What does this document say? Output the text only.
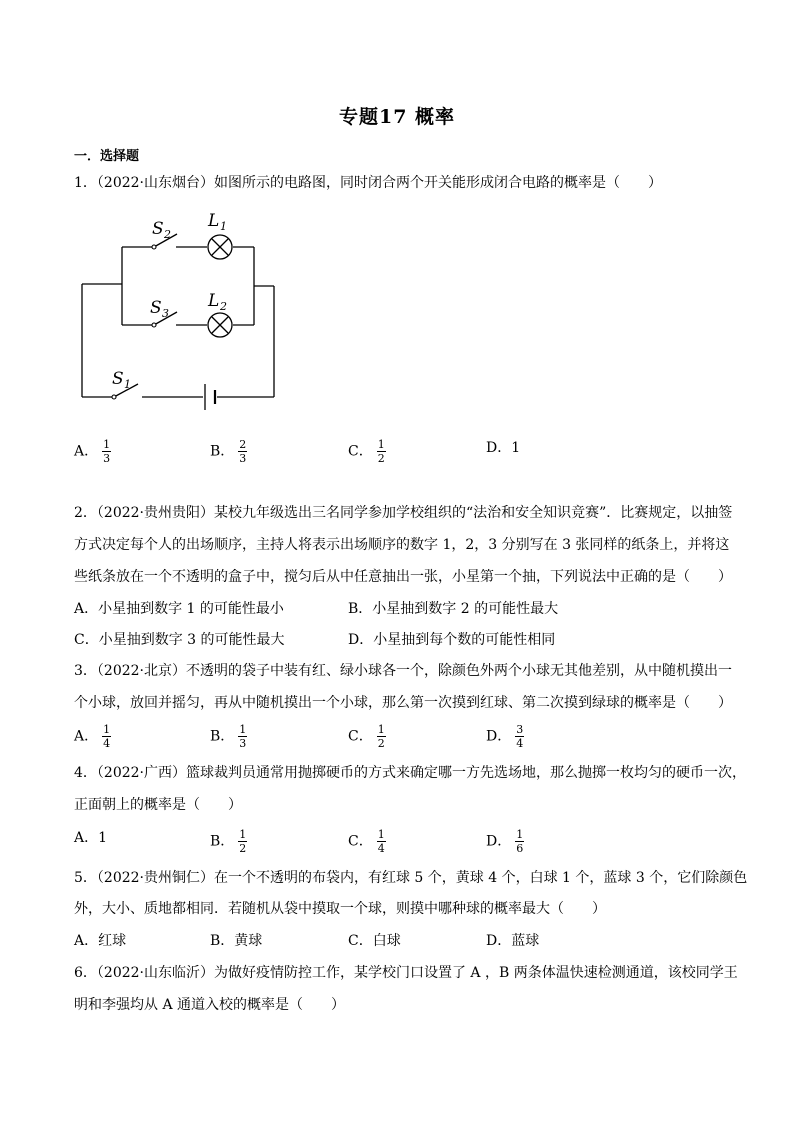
专题17 概率
一．选择题
1．（2022·山东烟台）如图所示的电路图，同时闭合两个开关能形成闭合电路的概率是（　　）
S 2
L 1
S 3
L 2
S 1
A． $\frac{1}{3}$	B． $\frac{2}{3}$	C． $\frac{1}{2}$	D．1
2．（2022·贵州贵阳）某校九年级选出三名同学参加学校组织的“法治和安全知识竞赛”．比赛规定，以抽签
方式决定每个人的出场顺序，主持人将表示出场顺序的数字 1，2，3 分别写在 3 张同样的纸条上，并将这
些纸条放在一个不透明的盒子中，搅匀后从中任意抽出一张，小星第一个抽，下列说法中正确的是（　　）
A．小星抽到数字 1 的可能性最小	B．小星抽到数字 2 的可能性最大
C．小星抽到数字 3 的可能性最大	D．小星抽到每个数的可能性相同
3．（2022·北京）不透明的袋子中装有红、绿小球各一个，除颜色外两个小球无其他差别，从中随机摸出一
个小球，放回并摇匀，再从中随机摸出一个小球，那么第一次摸到红球、第二次摸到绿球的概率是（　　）
A． $\frac{1}{4}$	B． $\frac{1}{3}$	C． $\frac{1}{2}$	D． $\frac{3}{4}$
4．（2022·广西）篮球裁判员通常用抛掷硬币的方式来确定哪一方先选场地，那么抛掷一枚均匀的硬币一次，
正面朝上的概率是（　　）
A．1	B． $\frac{1}{2}$	C． $\frac{1}{4}$	D． $\frac{1}{6}$
5．（2022·贵州铜仁）在一个不透明的布袋内，有红球 5 个，黄球 4 个，白球 1 个，蓝球 3 个，它们除颜色
外，大小、质地都相同．若随机从袋中摸取一个球，则摸中哪种球的概率最大（　　）
A．红球	B．黄球	C．白球	D．蓝球
6．（2022·山东临沂）为做好疫情防控工作，某学校门口设置了 A ，B 两条体温快速检测通道，该校同学王
明和李强均从 A 通道入校的概率是（　　）
